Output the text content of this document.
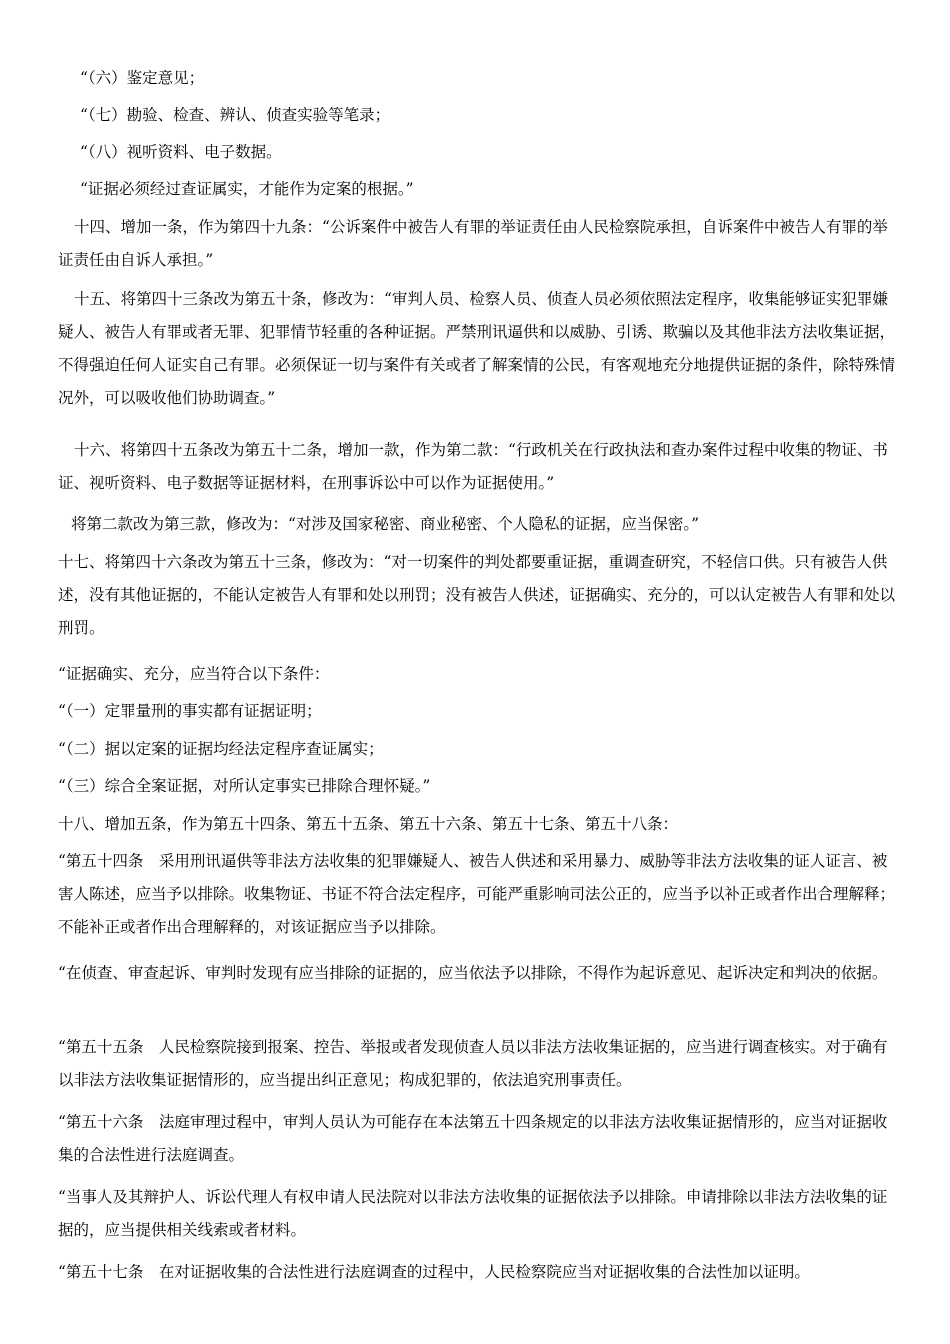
“（六）鉴定意见；

“（七）勘验、检查、辨认、侦查实验等笔录；

“（八）视听资料、电子数据。

“证据必须经过查证属实，才能作为定案的根据。”

十四、增加一条，作为第四十九条：“公诉案件中被告人有罪的举证责任由人民检察院承担，自诉案件中被告人有罪的举证责任由自诉人承担。”

十五、将第四十三条改为第五十条，修改为：“审判人员、检察人员、侦查人员必须依照法定程序，收集能够证实犯罪嫌疑人、被告人有罪或者无罪、犯罪情节轻重的各种证据。严禁刑讯逼供和以威胁、引诱、欺骗以及其他非法方法收集证据，不得强迫任何人证实自己有罪。必须保证一切与案件有关或者了解案情的公民，有客观地充分地提供证据的条件，除特殊情况外，可以吸收他们协助调查。”

十六、将第四十五条改为第五十二条，增加一款，作为第二款：“行政机关在行政执法和查办案件过程中收集的物证、书证、视听资料、电子数据等证据材料，在刑事诉讼中可以作为证据使用。”

将第二款改为第三款，修改为：“对涉及国家秘密、商业秘密、个人隐私的证据，应当保密。”

十七、将第四十六条改为第五十三条，修改为：“对一切案件的判处都要重证据，重调查研究，不轻信口供。只有被告人供述，没有其他证据的，不能认定被告人有罪和处以刑罚；没有被告人供述，证据确实、充分的，可以认定被告人有罪和处以刑罚。

“证据确实、充分，应当符合以下条件：

“（一）定罪量刑的事实都有证据证明；

“（二）据以定案的证据均经法定程序查证属实；

“（三）综合全案证据，对所认定事实已排除合理怀疑。”

十八、增加五条，作为第五十四条、第五十五条、第五十六条、第五十七条、第五十八条：

“第五十四条　采用刑讯逼供等非法方法收集的犯罪嫌疑人、被告人供述和采用暴力、威胁等非法方法收集的证人证言、被害人陈述，应当予以排除。收集物证、书证不符合法定程序，可能严重影响司法公正的，应当予以补正或者作出合理解释；不能补正或者作出合理解释的，对该证据应当予以排除。

“在侦查、审查起诉、审判时发现有应当排除的证据的，应当依法予以排除，不得作为起诉意见、起诉决定和判决的依据。

“第五十五条　人民检察院接到报案、控告、举报或者发现侦查人员以非法方法收集证据的，应当进行调查核实。对于确有以非法方法收集证据情形的，应当提出纠正意见；构成犯罪的，依法追究刑事责任。

“第五十六条　法庭审理过程中，审判人员认为可能存在本法第五十四条规定的以非法方法收集证据情形的，应当对证据收集的合法性进行法庭调查。

“当事人及其辩护人、诉讼代理人有权申请人民法院对以非法方法收集的证据依法予以排除。申请排除以非法方法收集的证据的，应当提供相关线索或者材料。

“第五十七条　在对证据收集的合法性进行法庭调查的过程中，人民检察院应当对证据收集的合法性加以证明。
